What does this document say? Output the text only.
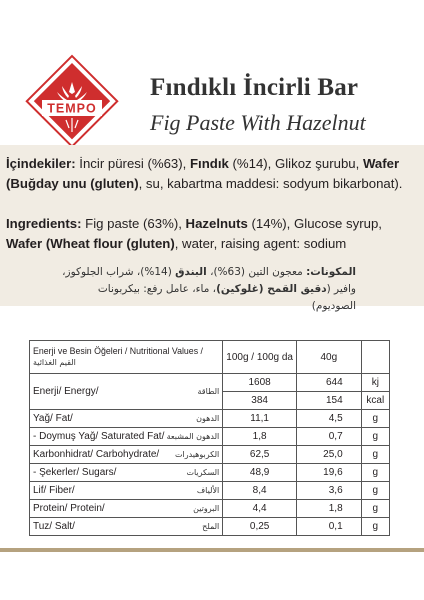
TEMPO
Fındıklı İncirli Bar
Fig Paste With Hazelnut
İçindekiler: İncir püresi (%63), Fındık (%14), Glikoz şurubu, Wafer (Buğday unu (gluten), su, kabartma maddesi: sodyum bikarbonat).
Ingredients: Fig paste (63%), Hazelnuts (14%), Glucose syrup, Wafer (Wheat flour (gluten), water, raising agent: sodium
المكونات: معجون التين (63%)، البندق (14%)، شراب الجلوكوز، وافير (دقيق القمح (غلوكين)، ماء، عامل رفع: بيكربونات الصوديوم)
Enerji ve Besin Öğeleri / Nutritional Values /
القيم الغذائية	100g / 100g da	40g	

Enerji/ Energy/ الطاقة	1608	644	kj
	384	154	kcal

Yağ/ Fat/ الدهون	11,1	4,5	g

- Doymuş Yağ/ Saturated Fat/ الدهون المشبعة	1,8	0,7	g

Karbonhidrat/ Carbohydrate/ الكربوهيدرات	62,5	25,0	g

- Şekerler/ Sugars/ السكريات	48,9	19,6	g

Lif/ Fiber/ الألياف	8,4	3,6	g

Protein/ Protein/ البروتين	4,4	1,8	g

Tuz/ Salt/ الملح	0,25	0,1	g
